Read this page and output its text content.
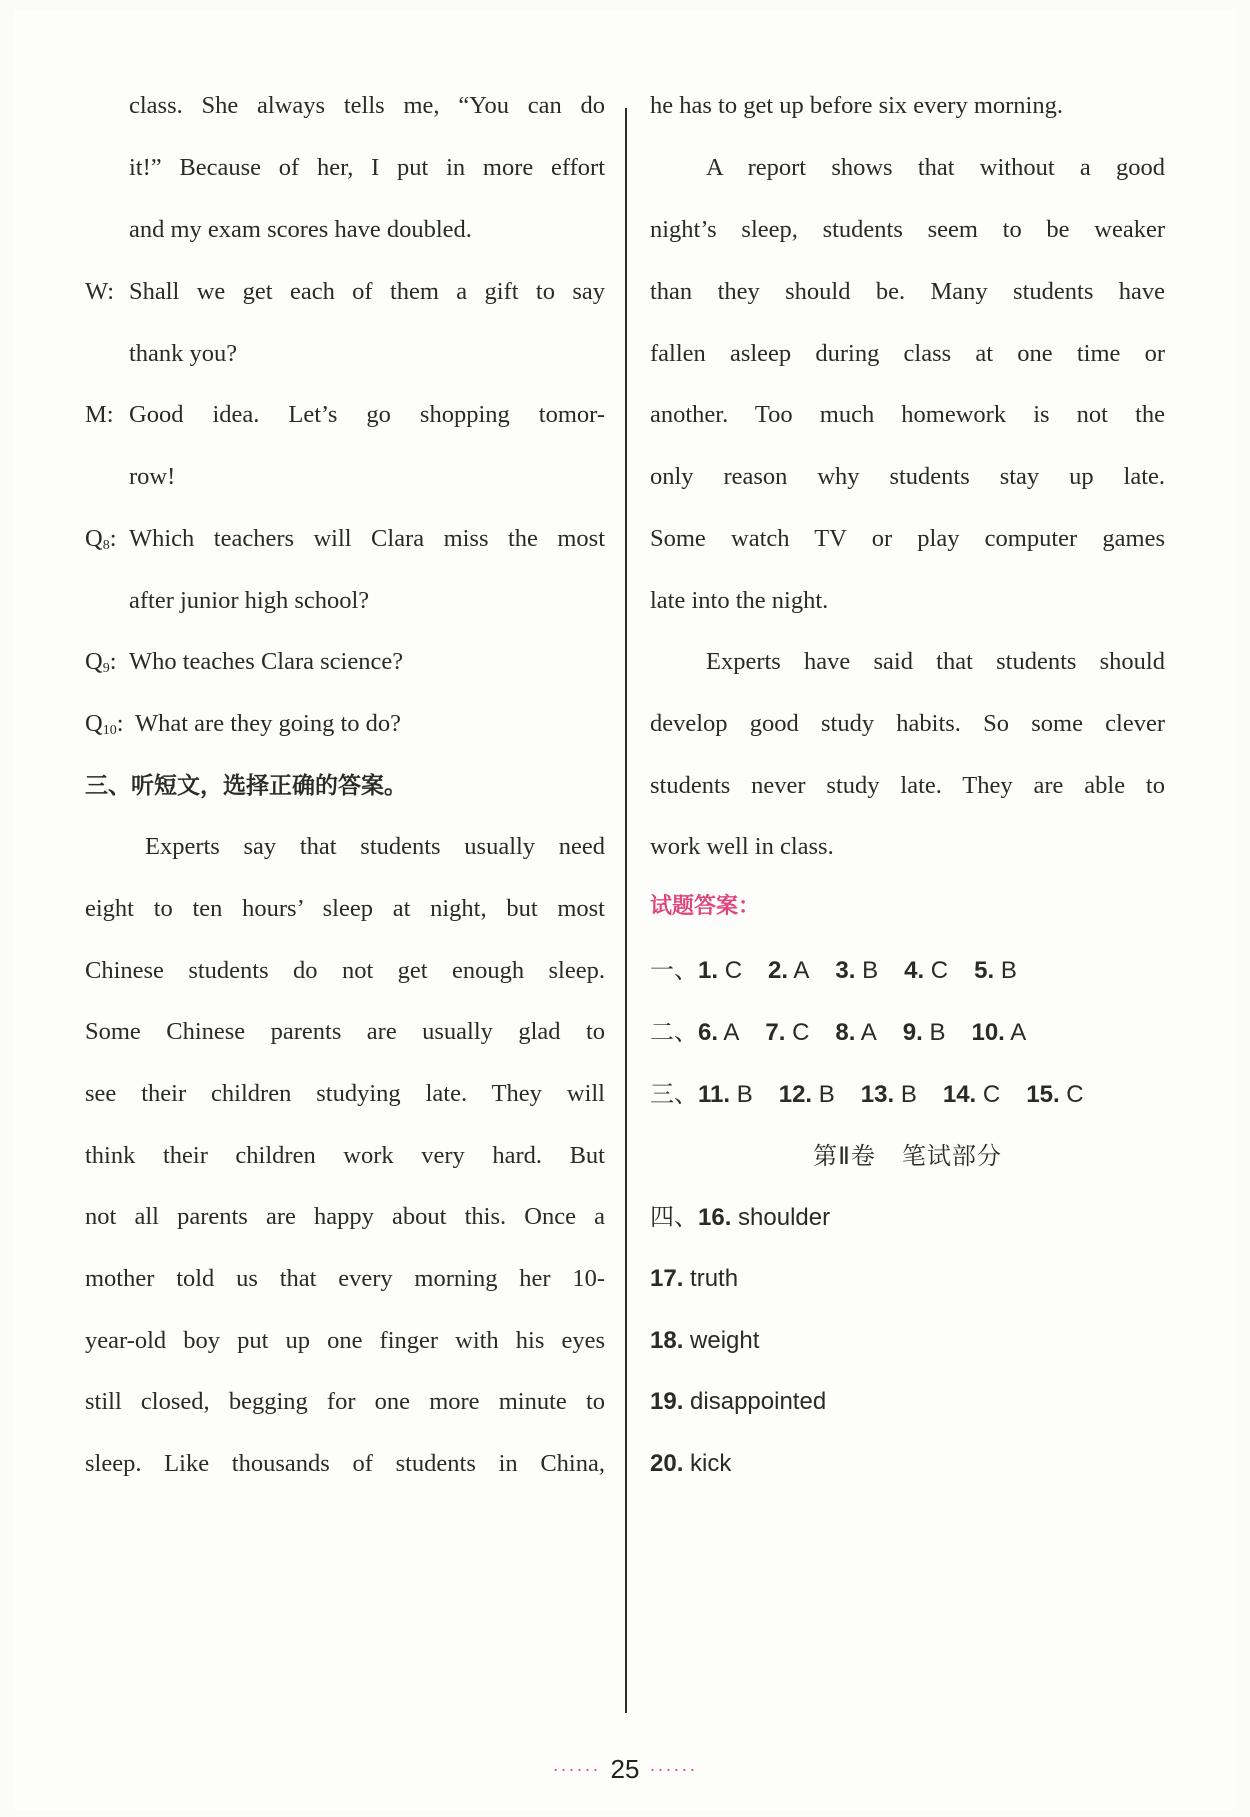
class. She always tells me, “You can do
it!” Because of her, I put in more effort
and my exam scores have doubled.
W: Shall we get each of them a gift to say
thank you?
M: Good idea. Let’s go shopping tomor-
row!
$Q_8$: Which teachers will Clara miss the most
after junior high school?
$Q_9$: Who teaches Clara science?
$Q_{10}$: What are they going to do?
三、听短文，选择正确的答案。
Experts say that students usually need
eight to ten hours’ sleep at night, but most
Chinese students do not get enough sleep.
Some Chinese parents are usually glad to
see their children studying late. They will
think their children work very hard. But
not all parents are happy about this. Once a
mother told us that every morning her 10-
year-old boy put up one finger with his eyes
still closed, begging for one more minute to
sleep. Like thousands of students in China,
he has to get up before six every morning.
A report shows that without a good
night’s sleep, students seem to be weaker
than they should be. Many students have
fallen asleep during class at one time or
another. Too much homework is not the
only reason why students stay up late.
Some watch TV or play computer games
late into the night.
Experts have said that students should
develop good study habits. So some clever
students never study late. They are able to
work well in class.
试题答案：
一、1. C 2. A 3. B 4. C 5. B
二、6. A 7. C 8. A 9. B 10. A
三、11. B 12. B 13. B 14. C 15. C
第Ⅱ卷 笔试部分
四、16. shoulder
17. truth
18. weight
19. disappointed
20. kick
······ 25 ······
